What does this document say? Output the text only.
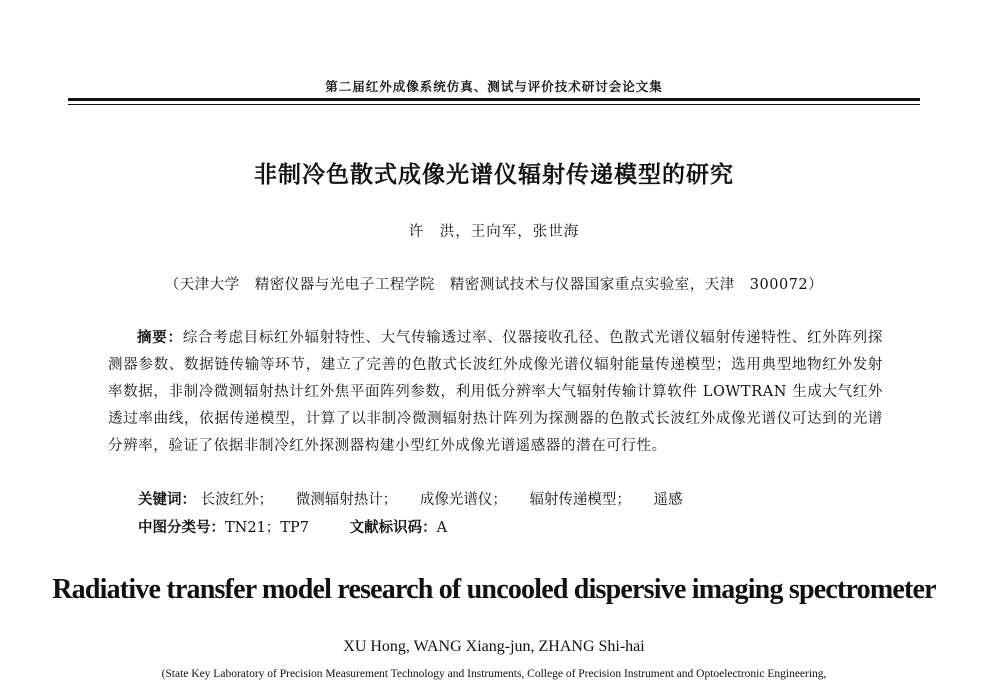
第二届红外成像系统仿真、测试与评价技术研讨会论文集
非制冷色散式成像光谱仪辐射传递模型的研究
许　洪，王向军，张世海
（天津大学　精密仪器与光电子工程学院　精密测试技术与仪器国家重点实验室，天津　300072）
摘要：综合考虑目标红外辐射特性、大气传输透过率、仪器接收孔径、色散式光谱仪辐射传递特性、红外阵列探测器参数、数据链传输等环节，建立了完善的色散式长波红外成像光谱仪辐射能量传递模型；选用典型地物红外发射率数据，非制冷微测辐射热计红外焦平面阵列参数，利用低分辨率大气辐射传输计算软件 LOWTRAN 生成大气红外透过率曲线，依据传递模型，计算了以非制冷微测辐射热计阵列为探测器的色散式长波红外成像光谱仪可达到的光谱分辨率，验证了依据非制冷红外探测器构建小型红外成像光谱遥感器的潜在可行性。
关键词： 长波红外； 微测辐射热计； 成像光谱仪； 辐射传递模型； 遥感
中图分类号：TN21；TP7	文献标识码：A
Radiative transfer model research of uncooled dispersive imaging spectrometer
XU Hong, WANG Xiang-jun, ZHANG Shi-hai
(State Key Laboratory of Precision Measurement Technology and Instruments, College of Precision Instrument and Optoelectronic Engineering,
